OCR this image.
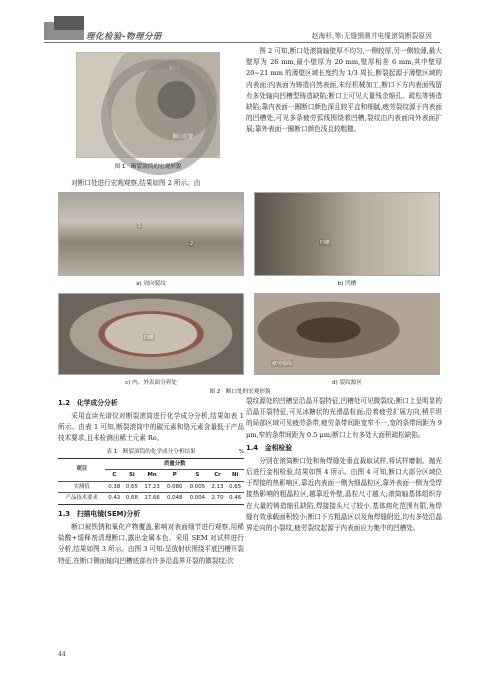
理化检验-物理分册	赵海杉,等:无缝钢测井电缆滚筒断裂原因
断口
断口位置
图 1　断裂滚筒的宏观形貌

对断口处进行宏观观察,结果如图 2 所示。由

图 2 可知,断口处滚筒轴壁厚不均匀,一侧较厚,另一侧较薄,最大壁厚为 26 mm,最小壁厚为 20 mm,壁厚相差 6 mm,其中壁厚 20~21 mm 的薄壁区域长度约为 1/3 周长,断裂起源于薄壁区域的内表面;内表面为铸造自然表面,未经机械加工,断口下方内表面残留有多处轴向凹槽型铸造缺陷;断口上可见大量残余缩孔、疏松等铸造缺陷;靠内表面一圈断口颜色深且较平直和细腻,疲劳裂纹源于内表面的凹槽处,可见多条疲劳弧线围绕着凹槽,裂纹由内表面向外表面扩展;靠外表面一圈断口颜色浅且较粗糙。

1
2
a) 周向裂纹
凹槽
b) 凹槽
凹槽
c) 内、外表面分界处
疲劳弧线
d) 裂纹源区
图 2　断口处的宏观形貌

1.2　化学成分分析

采用直读光谱仪对断裂滚筒进行化学成分分析,结果如表 1 所示。由表 1 可知,断裂滚筒中的碳元素和铬元素含量低于产品技术要求,且未检测出稀土元素 Re。

表 1　断裂滚筒的化学成分分析结果	%
项目	质量分数						
	C	Si	Mn	P	S	Cr	Ni
实测值	0.38	0.65	17.23	0.080	0.005	2.13	0.65
产品技术要求	0.42	0.68	17.66	0.048	0.004	2.70	0.46

1.3　扫描电镜(SEM)分析

断口被铁锈和氧化产物覆盖,影响对表面细节进行观察,用稀盐酸+缓释剂清理断口,露出金属本色。采用 SEM 对试样进行分析,结果如图 3 所示。由图 3 可知:呈放射状围绕平底凹槽开裂特征,在断口侧面轴向凹槽底部有许多沿晶界开裂的微裂纹;次

裂纹源处的凹槽呈沿晶开裂特征,凹槽处可见微裂纹;断口上呈明显的沿晶开裂特征,可见冰糖状的光滑晶粒面;沿着疲劳扩展方向,稍平坦的局部区域可见疲劳条带,疲劳条带间距宽窄不一,宽的条带间距为 9 μm,窄的条带间距为 0.5 μm;断口上有多处大面积疏松缺陷。

1.4　金相检验

分别在滚筒断口处和角焊缝处垂直裁取试样,将试样磨制、抛光后进行金相检验,结果如图 4 所示。由图 4 可知,断口大部分区域位于焊接的热影响区,靠近内表面一侧为细晶粒区,靠外表面一侧为受焊接热影响的粗晶粒区,越靠近外壁,晶粒尺寸越大;滚筒轴基体组织存在大量的铸造缩孔缺陷,焊接接头尺寸较小,基体熔化范围有限,角焊缝有效承载面积较小;断口下方粗晶区以及角焊缝附近,均有多处沿晶界走向的小裂纹,疲劳裂纹起源于内表面应力集中的凹槽处。

44
